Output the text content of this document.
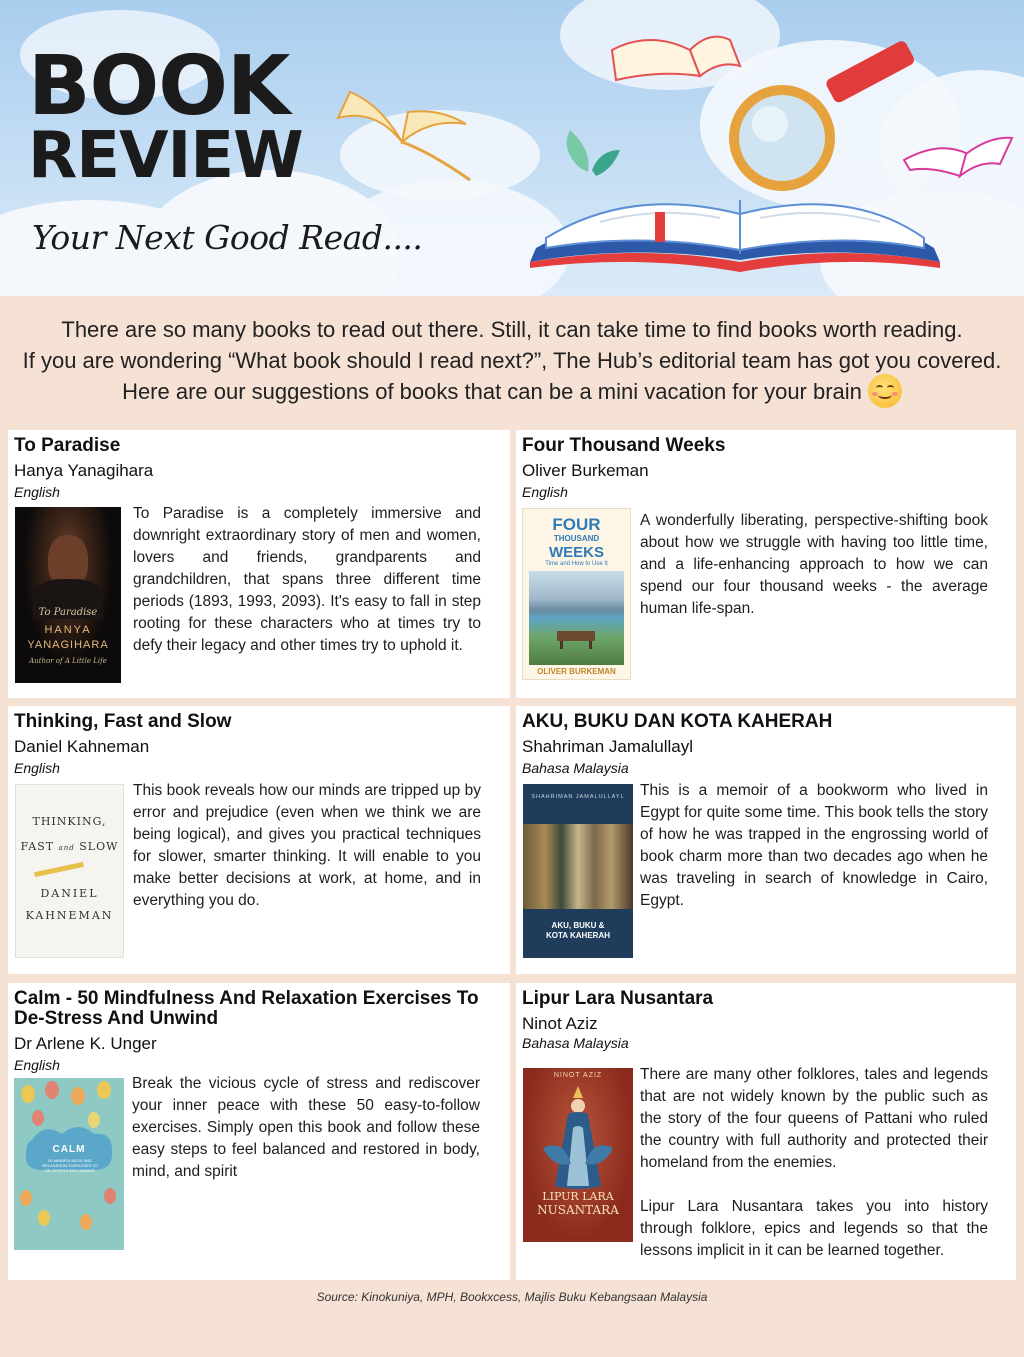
BOOK
REVIEW
Your Next Good Read....
There are so many books to read out there. Still, it can take time to find books worth reading.
If you are wondering “What book should I read next?”, The Hub’s editorial team has got you covered.
Here are our suggestions of books that can be a mini vacation for your brain
To Paradise
Hanya Yanagihara
English
To Paradise
HANYA
YANAGIHARA
Author of A Little Life
To Paradise is a completely immersive and downright extraordinary story of men and women, lovers and friends, grandparents and grandchildren, that spans three different time periods (1893, 1993, 2093). It's easy to fall in step rooting for these characters who at times try to defy their legacy and other times try to uphold it.
Four Thousand Weeks
Oliver Burkeman
English
FOUR
THOUSAND
WEEKS
Time and How to Use It
OLIVER BURKEMAN
A wonderfully liberating, perspective-shifting book about how we struggle with having too little time, and a life-enhancing approach to how we can spend our four thousand weeks - the average human life-span.
Thinking, Fast and Slow
Daniel Kahneman
English
THINKING,
FAST and SLOW
DANIEL
KAHNEMAN
This book reveals how our minds are tripped up by error and prejudice (even when we think we are being logical), and gives you practical techniques for slower, smarter thinking. It will enable to you make better decisions at work, at home, and in everything you do.
AKU, BUKU DAN KOTA KAHERAH
Shahriman Jamalullayl
Bahasa Malaysia
SHAHRIMAN JAMALULLAYL
AKU, BUKU &
KOTA KAHERAH
This is a memoir of a bookworm who lived in Egypt for quite some time. This book tells the story of how he was trapped in the engrossing world of book charm more than two decades ago when he was traveling in search of knowledge in Cairo, Egypt.
Calm - 50 Mindfulness And Relaxation Exercises To De-Stress And Unwind
Dr Arlene K. Unger
English
CALM
50 MINDFULNESS AND RELAXATION EXERCISES TO DE-STRESS AND UNWIND
Break the vicious cycle of stress and rediscover your inner peace with these 50 easy-to-follow exercises. Simply open this book and follow these easy steps to feel balanced and restored in body, mind, and spirit
Lipur Lara Nusantara
Ninot Aziz
Bahasa Malaysia
NINOT AZIZ
LIPUR LARA
NUSANTARA

There are many other folklores, tales and legends that are not widely known by the public such as the story of the four queens of Pattani who ruled the country with full authority and protected their homeland from the enemies.

Lipur Lara Nusantara takes you into history through folklore, epics and legends so that the lessons implicit in it can be learned together.

Source: Kinokuniya, MPH, Bookxcess, Majlis Buku Kebangsaan Malaysia
